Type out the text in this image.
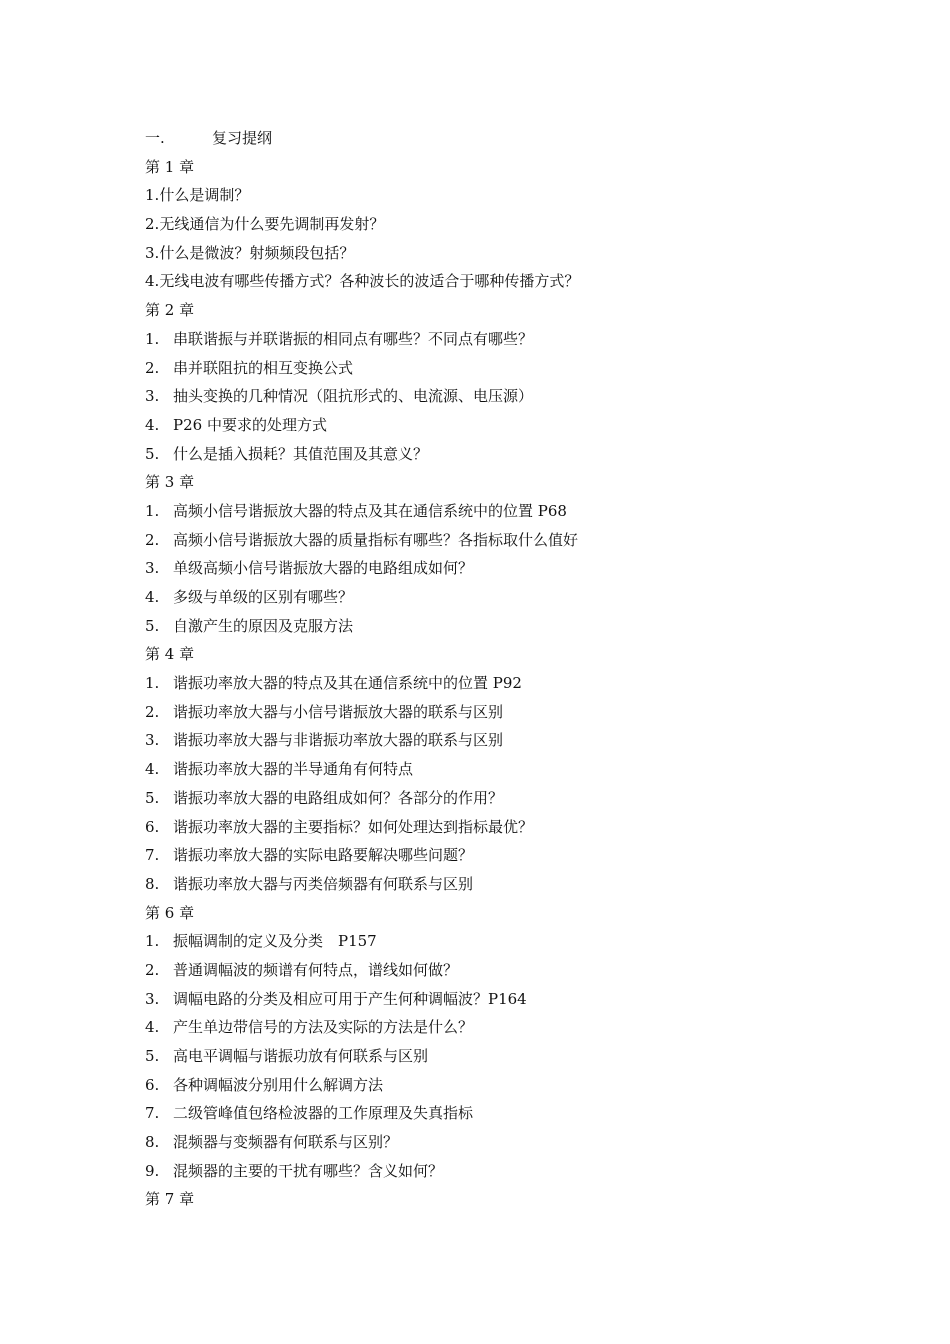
一.	复习提纲
第 1 章
1.什么是调制？
2.无线通信为什么要先调制再发射？
3.什么是微波？射频频段包括？
4.无线电波有哪些传播方式？各种波长的波适合于哪种传播方式？
第 2 章
1. 串联谐振与并联谐振的相同点有哪些？不同点有哪些？
2. 串并联阻抗的相互变换公式
3. 抽头变换的几种情况（阻抗形式的、电流源、电压源）
4. P26 中要求的处理方式
5. 什么是插入损耗？其值范围及其意义？
第 3 章
1. 高频小信号谐振放大器的特点及其在通信系统中的位置 P68
2. 高频小信号谐振放大器的质量指标有哪些？各指标取什么值好
3. 单级高频小信号谐振放大器的电路组成如何？
4. 多级与单级的区别有哪些？
5. 自激产生的原因及克服方法
第 4 章
1. 谐振功率放大器的特点及其在通信系统中的位置 P92
2. 谐振功率放大器与小信号谐振放大器的联系与区别
3. 谐振功率放大器与非谐振功率放大器的联系与区别
4. 谐振功率放大器的半导通角有何特点
5. 谐振功率放大器的电路组成如何？各部分的作用？
6. 谐振功率放大器的主要指标？如何处理达到指标最优？
7. 谐振功率放大器的实际电路要解决哪些问题？
8. 谐振功率放大器与丙类倍频器有何联系与区别
第 6 章
1. 振幅调制的定义及分类　P157
2. 普通调幅波的频谱有何特点，谱线如何做？
3. 调幅电路的分类及相应可用于产生何种调幅波？P164
4. 产生单边带信号的方法及实际的方法是什么？
5. 高电平调幅与谐振功放有何联系与区别
6. 各种调幅波分别用什么解调方法
7. 二级管峰值包络检波器的工作原理及失真指标
8. 混频器与变频器有何联系与区别？
9. 混频器的主要的干扰有哪些？含义如何？
第 7 章
